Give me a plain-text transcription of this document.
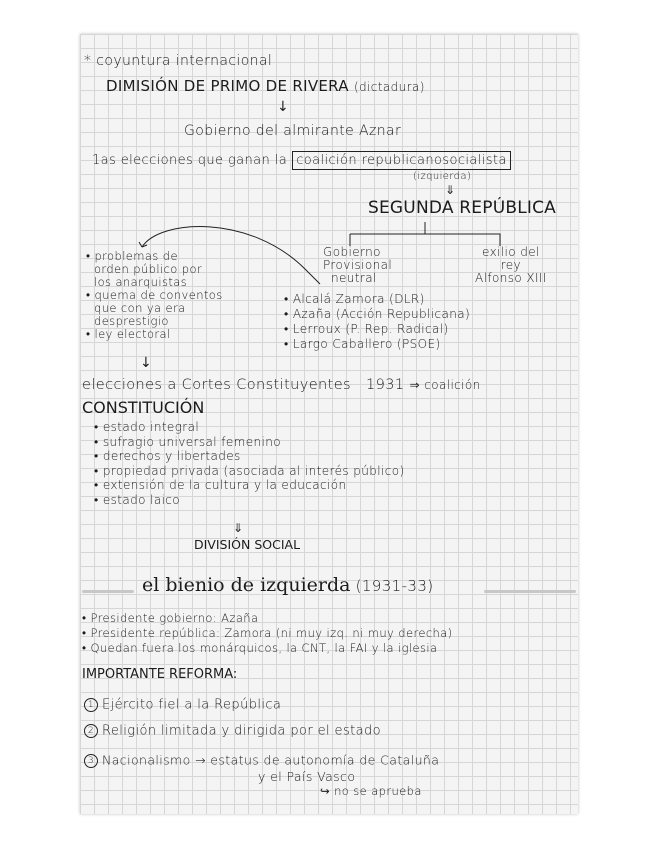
* coyuntura internacional
DIMISIÓN DE PRIMO DE RIVERA (dictadura)
↓
Gobierno del almirante Aznar
1as elecciones que ganan la coalición republicanosocialista
(izquierda)
⇓
SEGUNDA REPÚBLICA
Gobierno
Provisional
neutral
exilio del
rey
Alfonso XIII
• problemas de
orden público por
los anarquistas
• quema de conventos
que con ya era
desprestigio
• ley electoral
↓
• Alcalá Zamora (DLR)
• Azaña (Acción Republicana)
• Lerroux (P. Rep. Radical)
• Largo Caballero (PSOE)
elecciones a Cortes Constituyentes 1931 ⇒ coalición
CONSTITUCIÓN
• estado integral
• sufragio universal femenino
• derechos y libertades
• propiedad privada (asociada al interés público)
• extensión de la cultura y la educación
• estado laico
⇓
DIVISIÓN SOCIAL
el bienio de izquierda (1931-33)
• Presidente gobierno: Azaña
• Presidente república: Zamora (ni muy izq. ni muy derecha)
• Quedan fuera los monárquicos, la CNT, la FAI y la iglesia
IMPORTANTE REFORMA:
1 Ejército fiel a la República
2 Religión limitada y dirigida por el estado
3 Nacionalismo → estatus de autonomía de Cataluña
y el País Vasco
↪ no se aprueba
